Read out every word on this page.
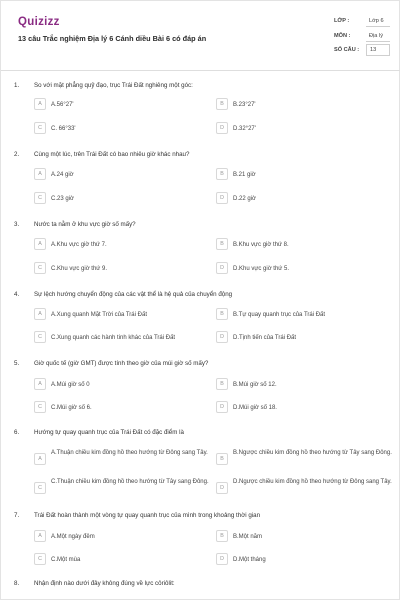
Quizizz
13 câu Trắc nghiệm Địa lý 6 Cánh diều Bài 6 có đáp án
LỚP :	Lớp 6
MÔN :	Địa lý
SỐ CÂU : 13
1. So với mặt phẳng quỹ đạo, trục Trái Đất nghiêng một góc:
A	A.56°27'	B	B.23°27'
C	C. 66°33'	D	D.32°27'
2. Cùng một lúc, trên Trái Đất có bao nhiêu giờ khác nhau?
A	A.24 giờ	B	B.21 giờ
C	C.23 giờ	D	D.22 giờ
3. Nước ta nằm ở khu vực giờ số mấy?
A	A.Khu vực giờ thứ 7.	B	B.Khu vực giờ thứ 8.
C	C.Khu vực giờ thứ 9.	D	D.Khu vực giờ thứ 5.
4. Sự lệch hướng chuyển động của các vật thể là hệ quả của chuyển động
A	A.Xung quanh Mặt Trời của Trái Đất	B	B.Tự quay quanh trục của Trái Đất
C	C.Xung quanh các hành tinh khác của Trái Đất	D	D.Tịnh tiến của Trái Đất
5. Giờ quốc tế (giờ GMT) được tính theo giờ của múi giờ số mấy?
A	A.Múi giờ số 0	B	B.Múi giờ số 12.
C	C.Múi giờ số 6.	D	D.Múi giờ số 18.
6. Hướng tự quay quanh trục của Trái Đất có đặc điểm là
A
A.Thuận chiều kim đồng hồ theo hướng từ Đông sang Tây.
B
B.Ngược chiều kim đồng hồ theo hướng từ Tây sang Đông.
C
C.Thuận chiều kim đồng hồ theo hướng từ Tây sang Đông.
D
D.Ngược chiều kim đồng hồ theo hướng từ Đông sang Tây.
7. Trái Đất hoàn thành một vòng tự quay quanh trục của mình trong khoảng thời gian
A	A.Một ngày đêm	B	B.Một năm
C	C.Một mùa	D	D.Một tháng
8. Nhận định nào dưới đây không đúng về lực côriôlit:
